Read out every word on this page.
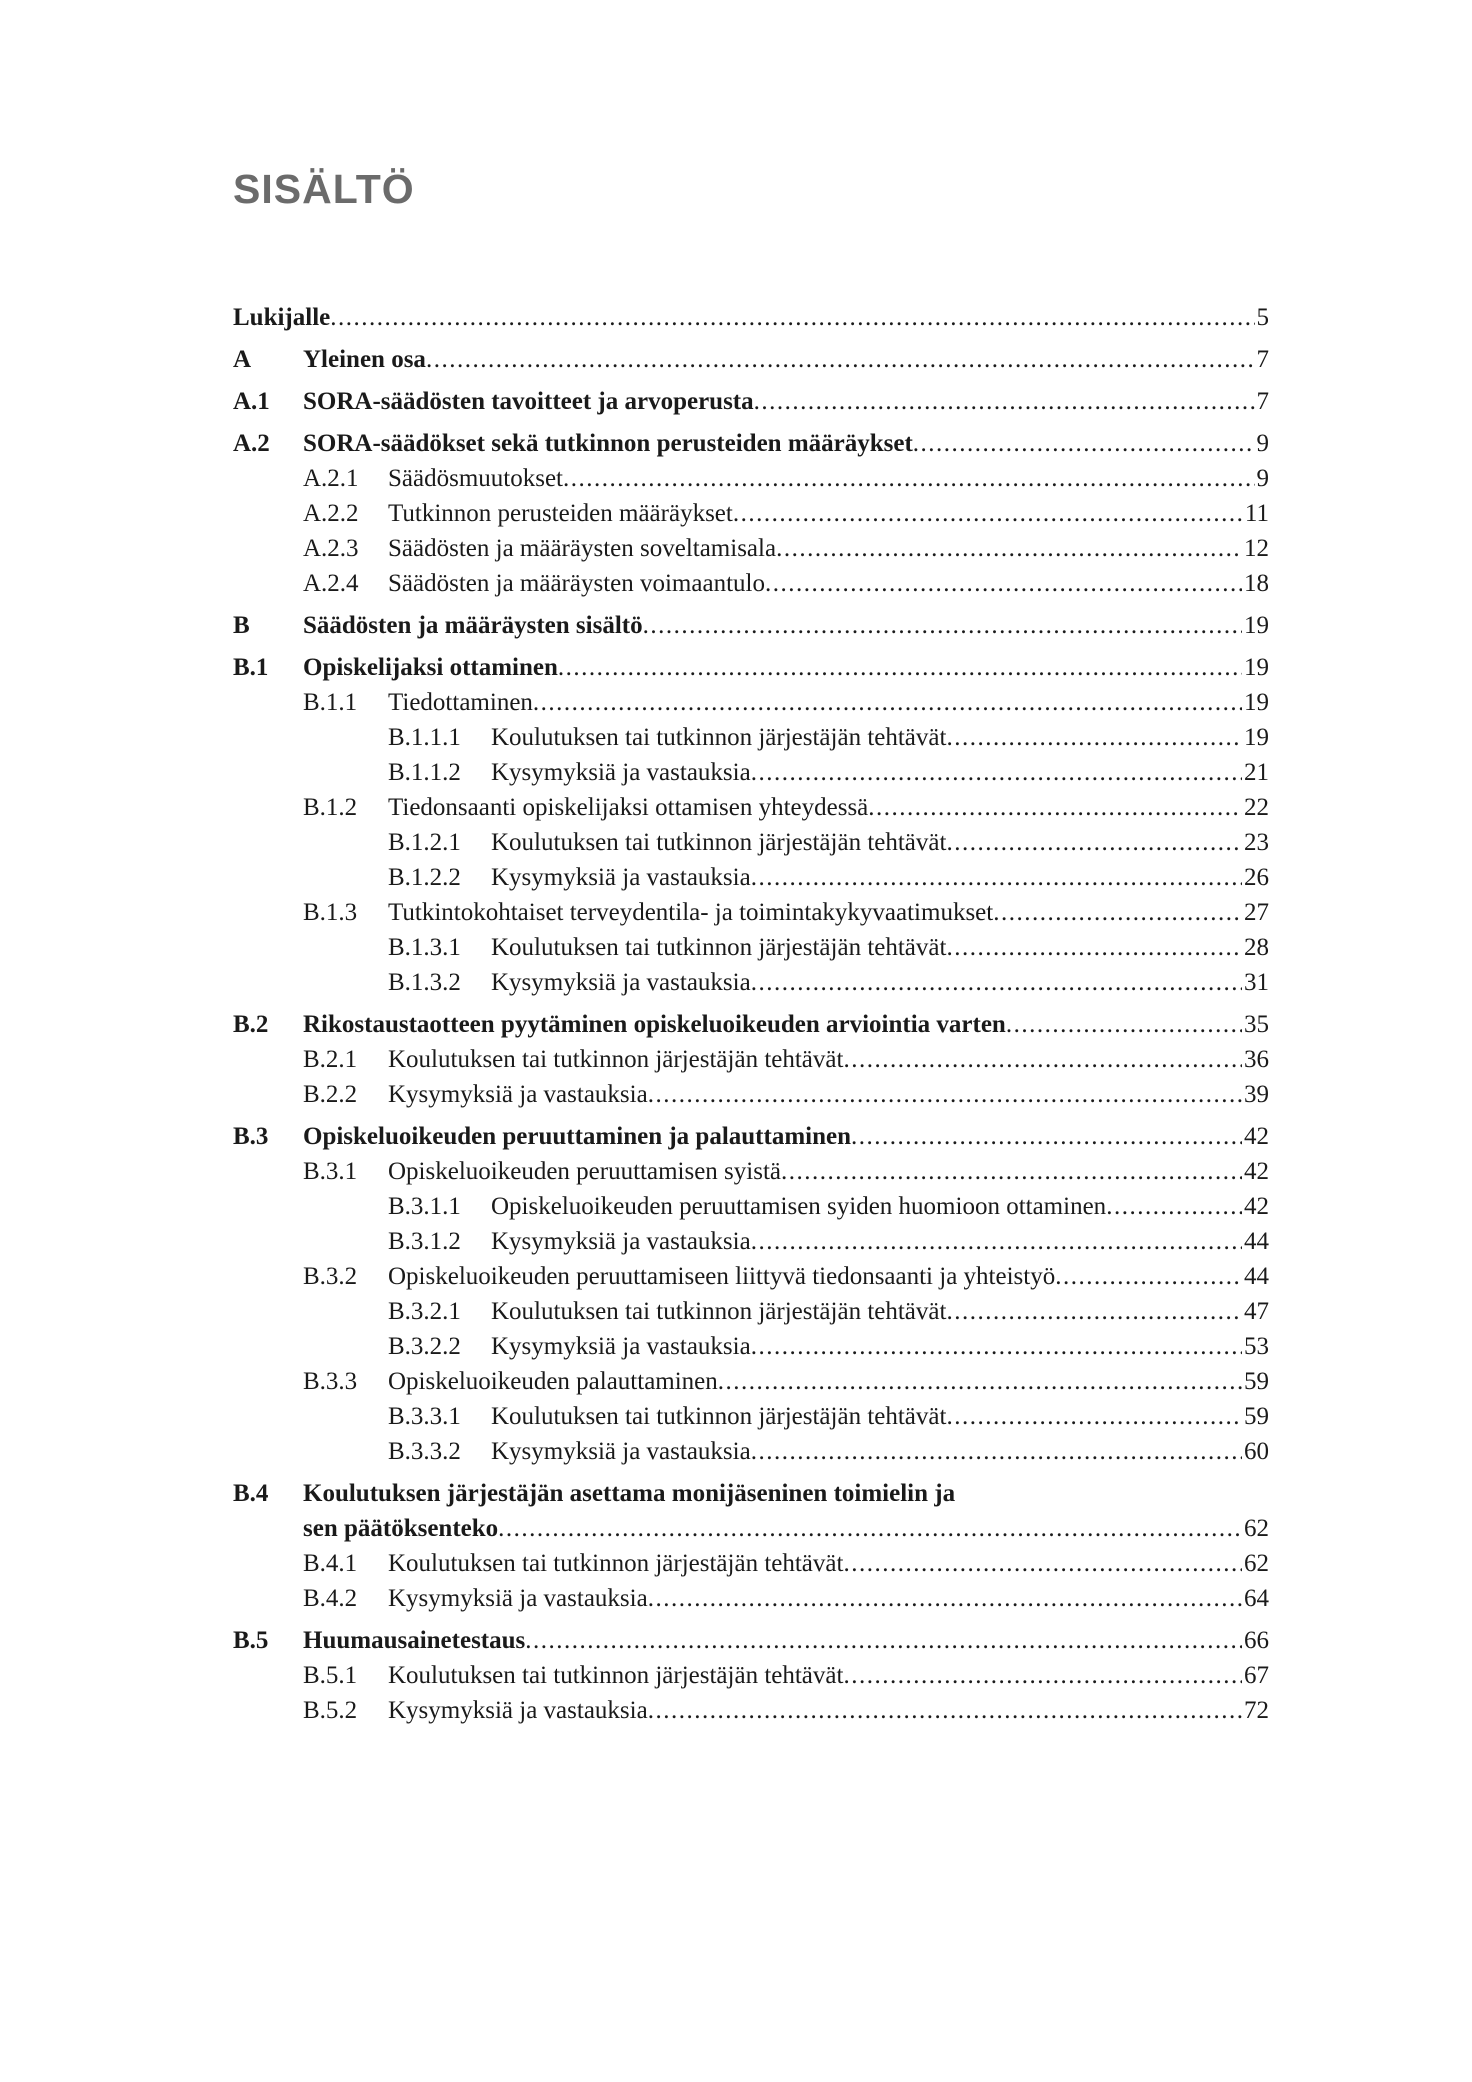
SISÄLTÖ
Lukijalle .....	5
A Yleinen osa .....	7
A.1 SORA-säädösten tavoitteet ja arvoperusta .....	7
A.2 SORA-säädökset sekä tutkinnon perusteiden määräykset .....	9
A.2.1 Säädösmuutokset .....	9
A.2.2 Tutkinnon perusteiden määräykset .....	11
A.2.3 Säädösten ja määräysten soveltamisala .....	12
A.2.4 Säädösten ja määräysten voimaantulo .....	18
B Säädösten ja määräysten sisältö .....	19
B.1 Opiskelijaksi ottaminen .....	19
B.1.1 Tiedottaminen .....	19
B.1.1.1 Koulutuksen tai tutkinnon järjestäjän tehtävät .....	19
B.1.1.2 Kysymyksiä ja vastauksia .....	21
B.1.2 Tiedonsaanti opiskelijaksi ottamisen yhteydessä .....	22
B.1.2.1 Koulutuksen tai tutkinnon järjestäjän tehtävät .....	23
B.1.2.2 Kysymyksiä ja vastauksia .....	26
B.1.3 Tutkintokohtaiset terveydentila- ja toimintakykyvaatimukset .....	27
B.1.3.1 Koulutuksen tai tutkinnon järjestäjän tehtävät .....	28
B.1.3.2 Kysymyksiä ja vastauksia .....	31
B.2 Rikostaustaotteen pyytäminen opiskeluoikeuden arviointia varten .....	35
B.2.1 Koulutuksen tai tutkinnon järjestäjän tehtävät .....	36
B.2.2 Kysymyksiä ja vastauksia .....	39
B.3 Opiskeluoikeuden peruuttaminen ja palauttaminen .....	42
B.3.1 Opiskeluoikeuden peruuttamisen syistä .....	42
B.3.1.1 Opiskeluoikeuden peruuttamisen syiden huomioon ottaminen .....	42
B.3.1.2 Kysymyksiä ja vastauksia .....	44
B.3.2 Opiskeluoikeuden peruuttamiseen liittyvä tiedonsaanti ja yhteistyö .....	44
B.3.2.1 Koulutuksen tai tutkinnon järjestäjän tehtävät .....	47
B.3.2.2 Kysymyksiä ja vastauksia .....	53
B.3.3 Opiskeluoikeuden palauttaminen .....	59
B.3.3.1 Koulutuksen tai tutkinnon järjestäjän tehtävät .....	59
B.3.3.2 Kysymyksiä ja vastauksia .....	60
B.4 Koulutuksen järjestäjän asettama monijäseninen toimielin ja
sen päätöksenteko .....	62
B.4.1 Koulutuksen tai tutkinnon järjestäjän tehtävät .....	62
B.4.2 Kysymyksiä ja vastauksia .....	64
B.5 Huumausainetestaus .....	66
B.5.1 Koulutuksen tai tutkinnon järjestäjän tehtävät .....	67
B.5.2 Kysymyksiä ja vastauksia .....	72
